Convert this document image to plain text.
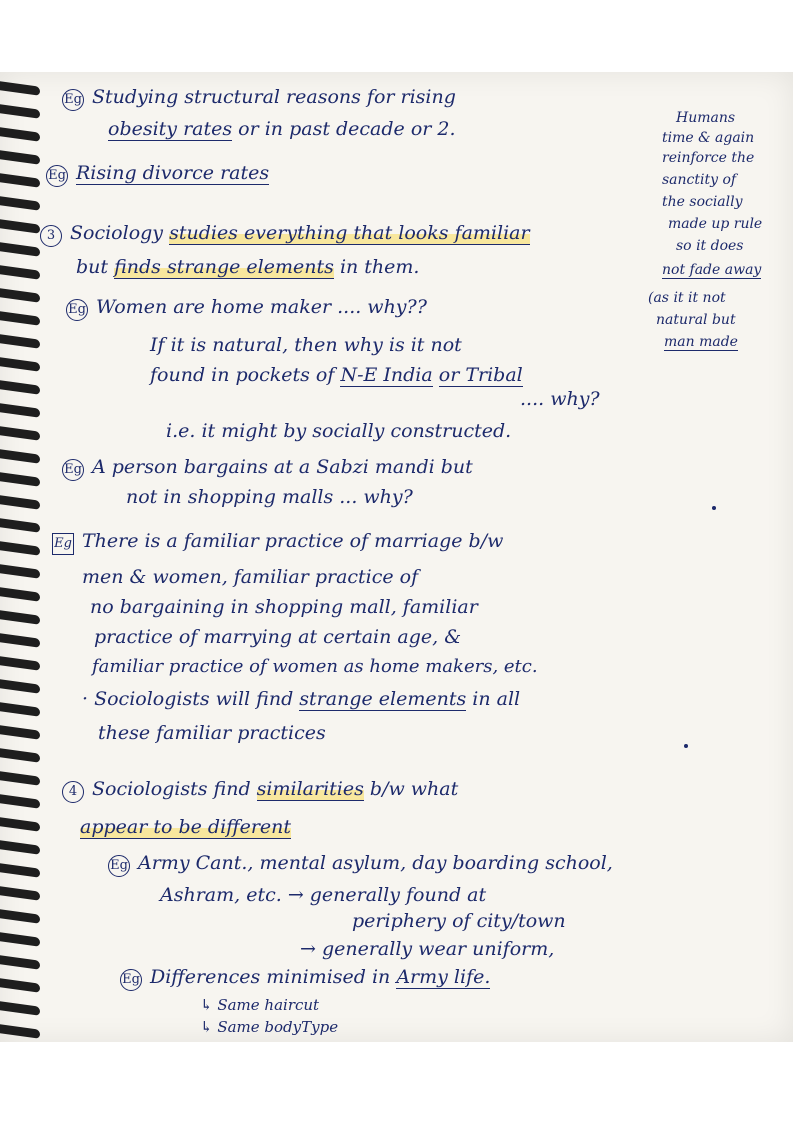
Eg Studying structural reasons for rising

obesity rates or in past decade or 2.

Eg Rising divorce rates

3 Sociology studies everything that looks familiar

but finds strange elements in them.

Eg Women are home maker .... why??

If it is natural, then why is it not

found in pockets of N-E India or Tribal

.... why?

i.e. it might by socially constructed.

Eg A person bargains at a Sabzi mandi but

not in shopping malls ... why?

Eg There is a familiar practice of marriage b/w

men & women, familiar practice of

no bargaining in shopping mall, familiar

practice of marrying at certain age, &

familiar practice of women as home makers, etc.

· Sociologists will find strange elements in all

these familiar practices

4 Sociologists find similarities b/w what

appear to be different

Eg Army Cant., mental asylum, day boarding school,

Ashram, etc. → generally found at

periphery of city/town

→ generally wear uniform,

Eg Differences minimised in Army life.

↳ Same haircut

↳ Same bodyType

Humans

time & again

reinforce the

sanctity of

the socially

made up rule

so it does

not fade away

(as it it not

natural but

man made
